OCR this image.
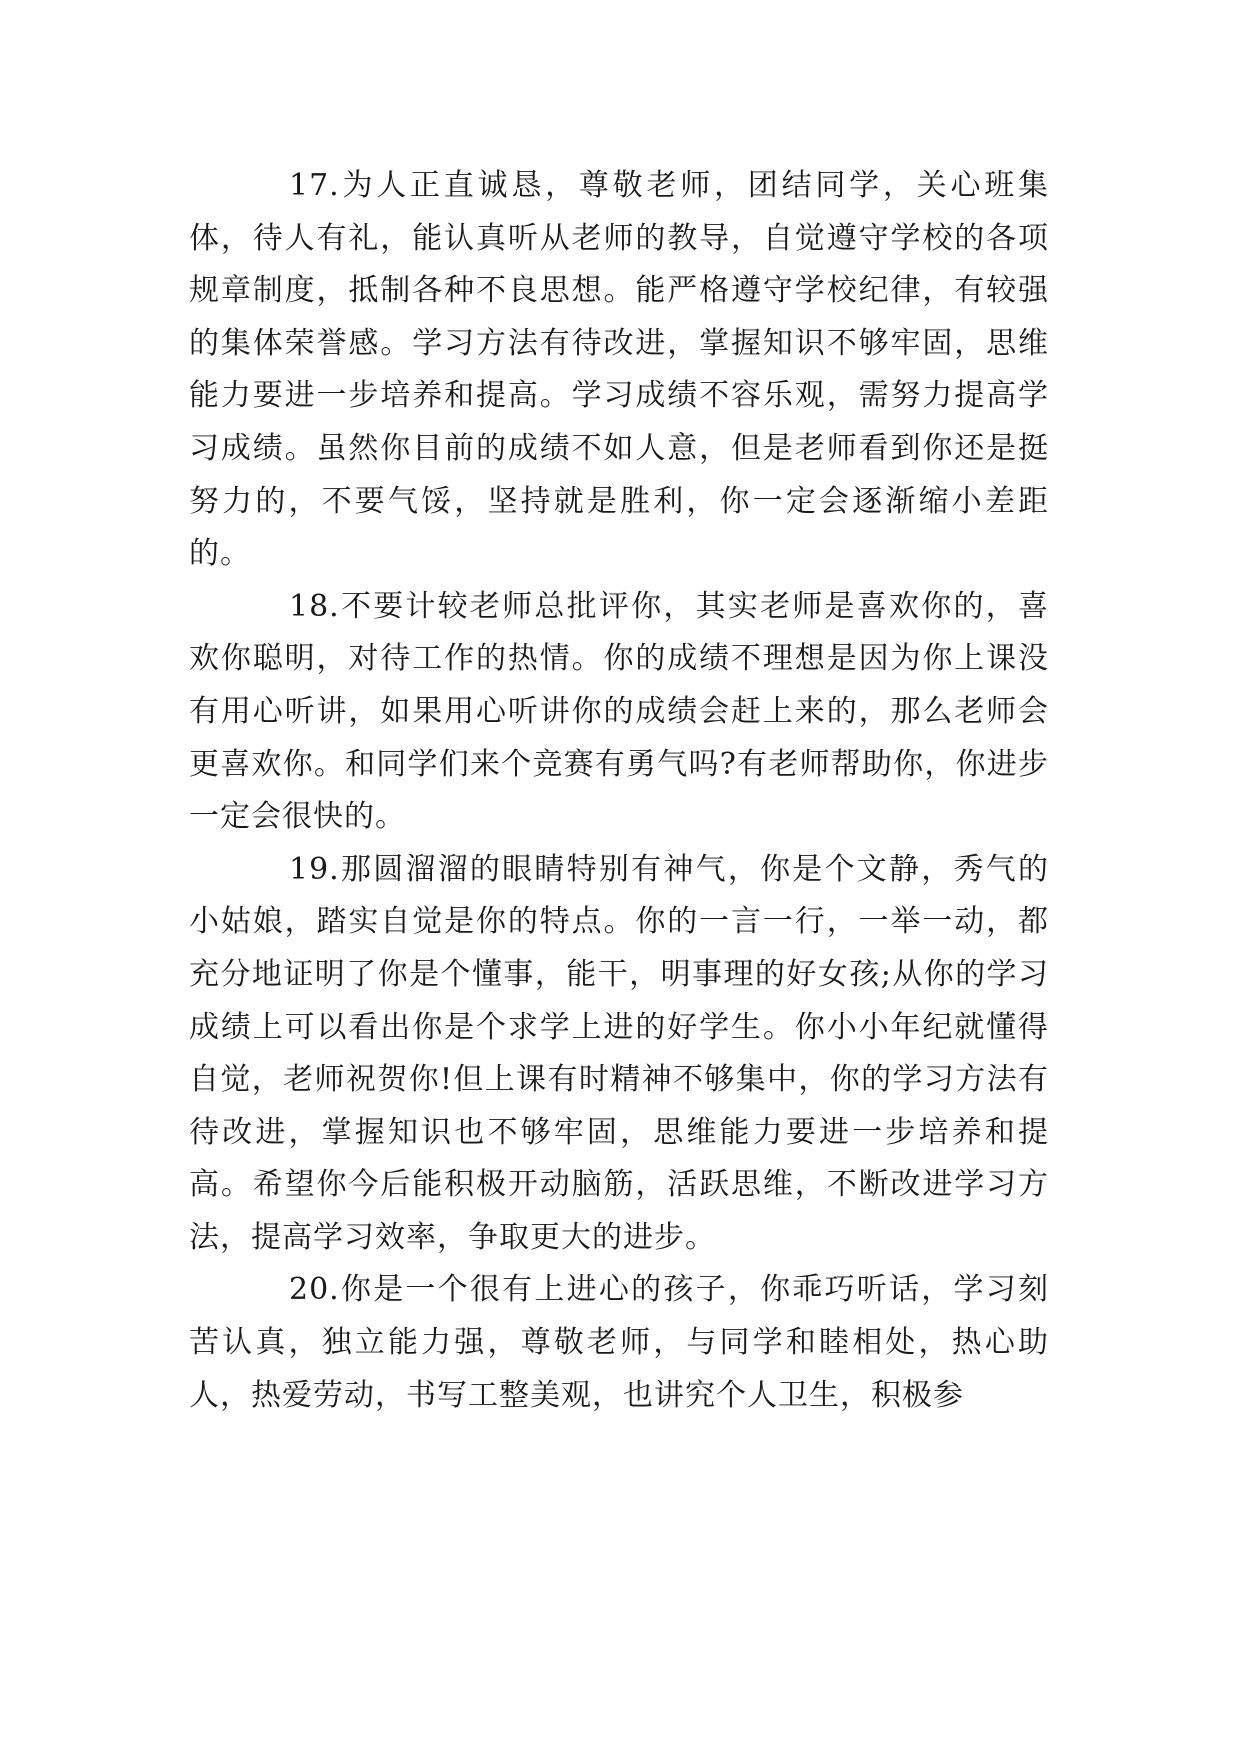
17.为人正直诚恳，尊敬老师，团结同学，关心班集体，待人有礼，能认真听从老师的教导，自觉遵守学校的各项规章制度，抵制各种不良思想。能严格遵守学校纪律，有较强的集体荣誉感。学习方法有待改进，掌握知识不够牢固，思维能力要进一步培养和提高。学习成绩不容乐观，需努力提高学习成绩。虽然你目前的成绩不如人意，但是老师看到你还是挺努力的，不要气馁，坚持就是胜利，你一定会逐渐缩小差距的。

18.不要计较老师总批评你，其实老师是喜欢你的，喜欢你聪明，对待工作的热情。你的成绩不理想是因为你上课没有用心听讲，如果用心听讲你的成绩会赶上来的，那么老师会更喜欢你。和同学们来个竞赛有勇气吗?有老师帮助你，你进步一定会很快的。

19.那圆溜溜的眼睛特别有神气，你是个文静，秀气的小姑娘，踏实自觉是你的特点。你的一言一行，一举一动，都充分地证明了你是个懂事，能干，明事理的好女孩;从你的学习成绩上可以看出你是个求学上进的好学生。你小小年纪就懂得自觉，老师祝贺你!但上课有时精神不够集中，你的学习方法有待改进，掌握知识也不够牢固，思维能力要进一步培养和提高。希望你今后能积极开动脑筋，活跃思维，不断改进学习方法，提高学习效率，争取更大的进步。

20.你是一个很有上进心的孩子，你乖巧听话，学习刻苦认真，独立能力强，尊敬老师，与同学和睦相处，热心助人，热爱劳动，书写工整美观，也讲究个人卫生，积极参
